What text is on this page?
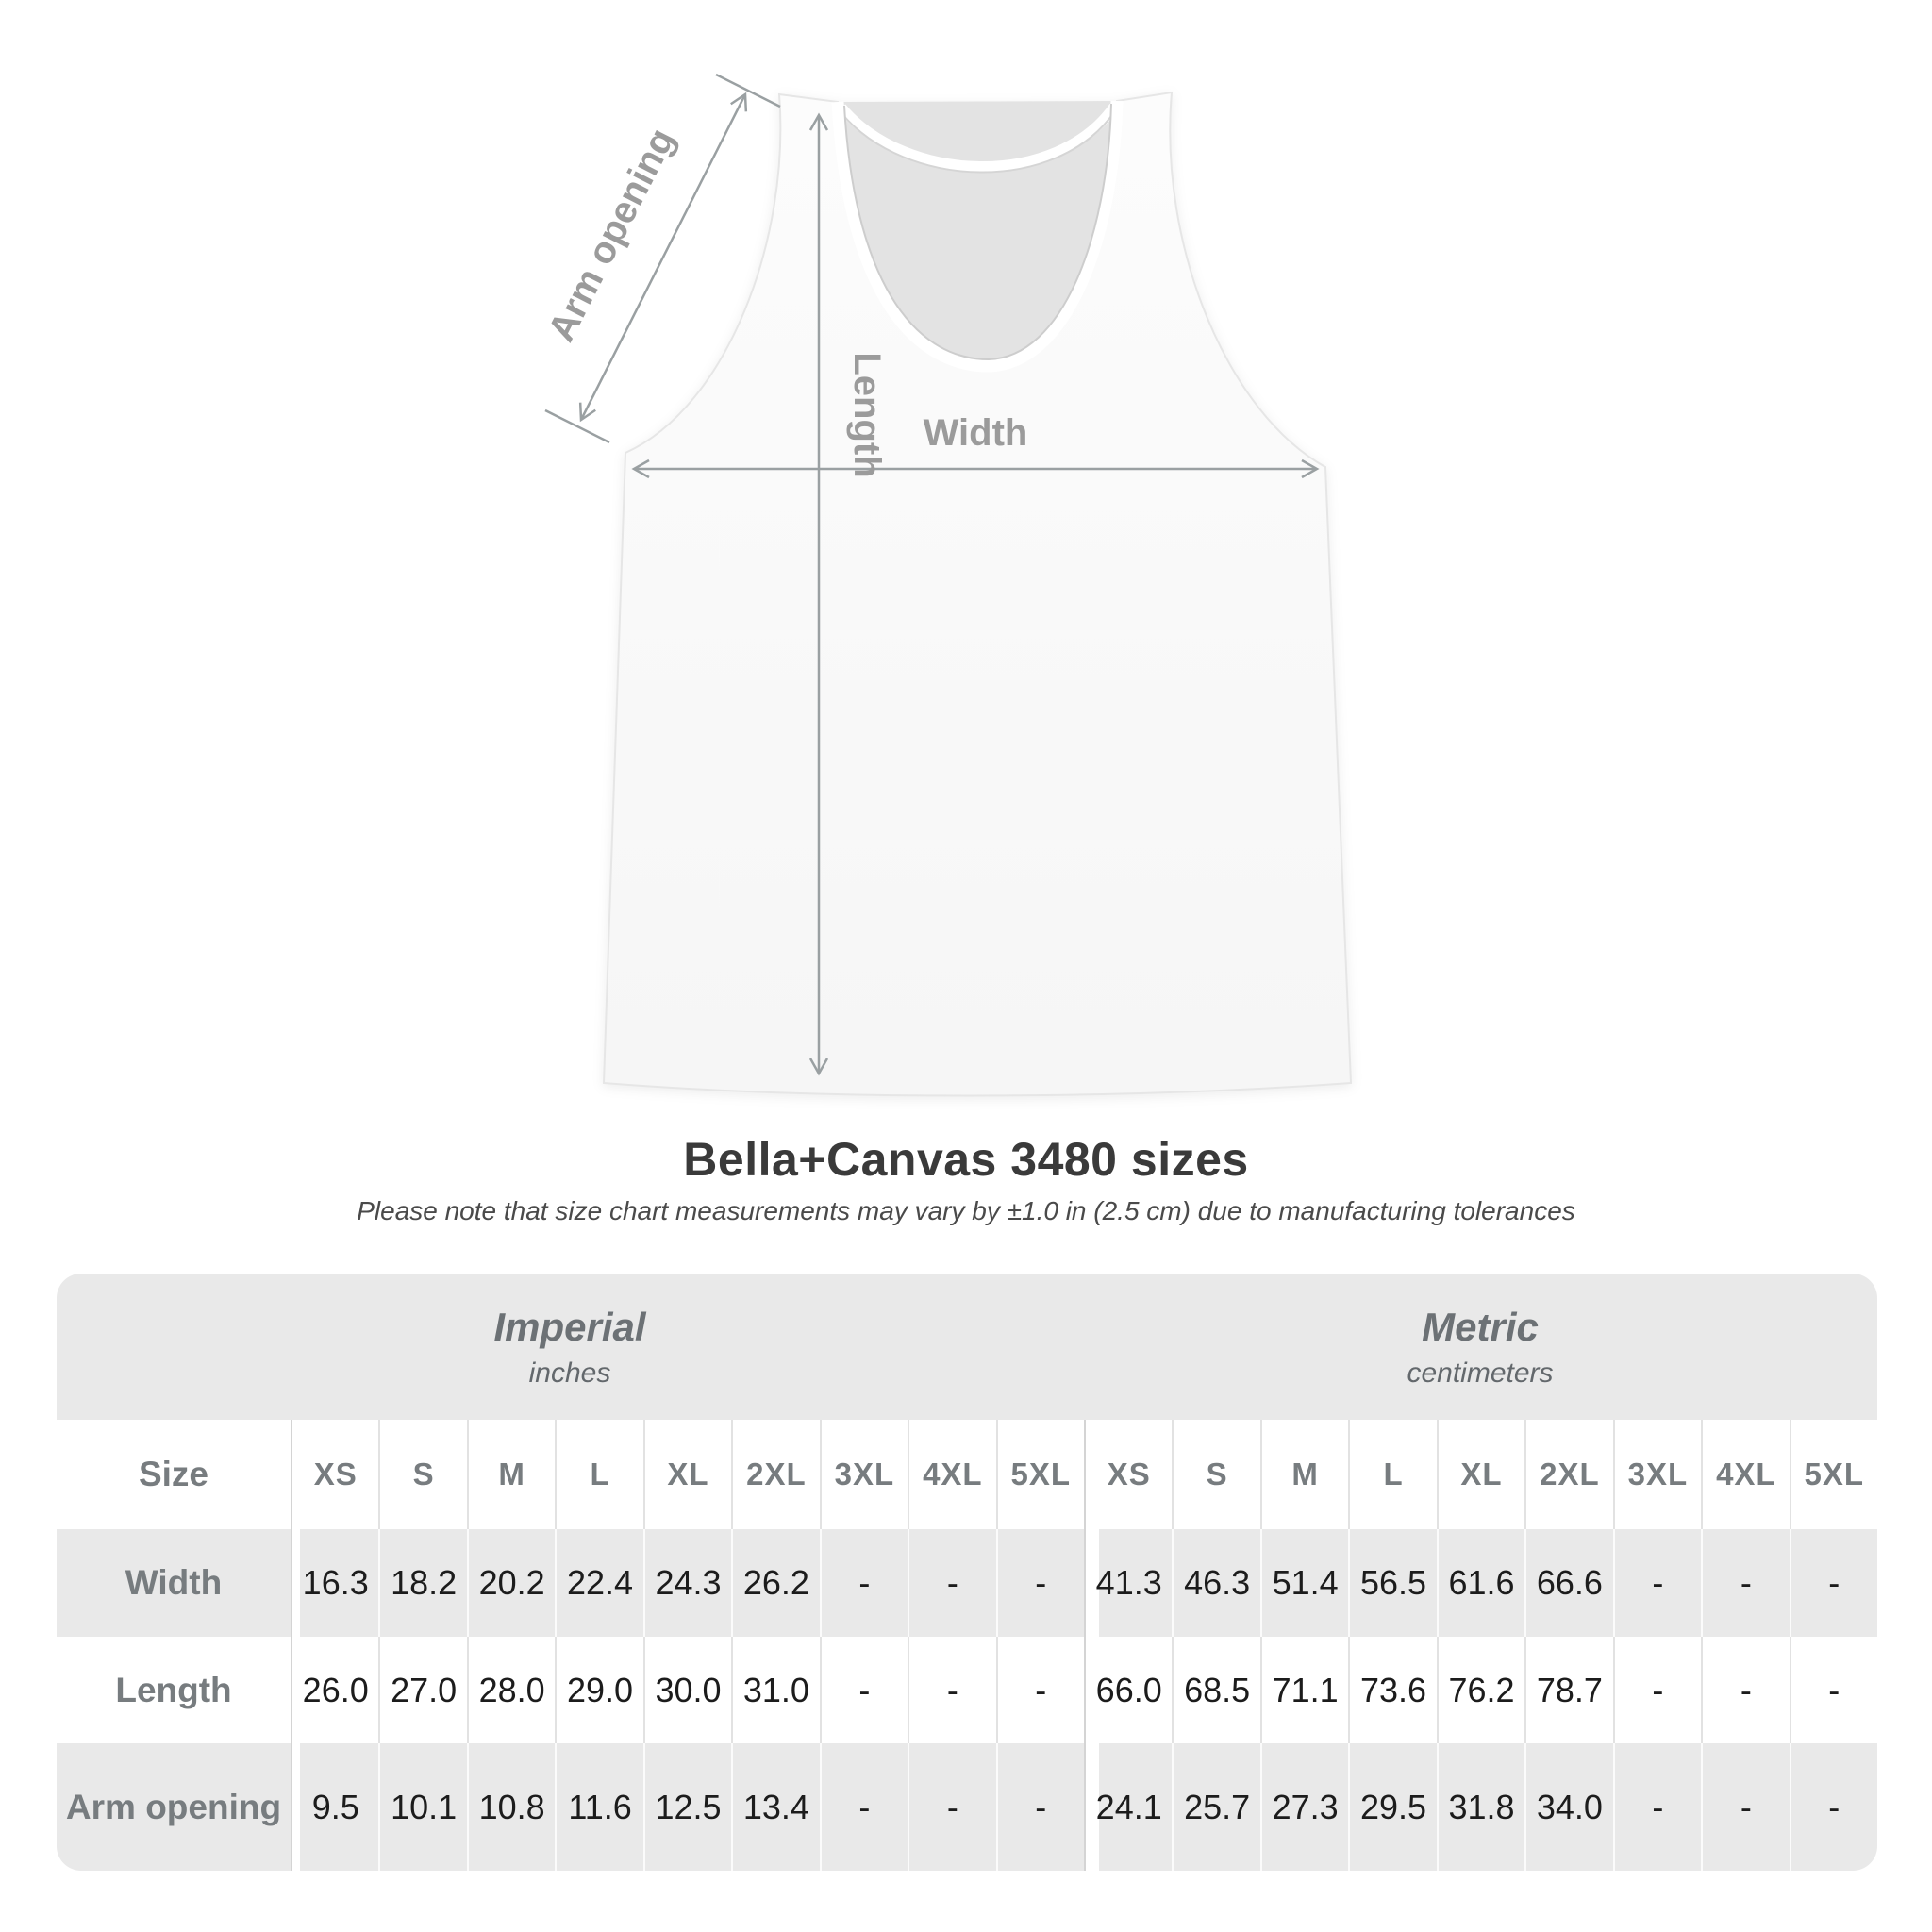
Arm opening
Length Width
Bella+Canvas 3480 sizes
Please note that size chart measurements may vary by ±1.0 in (2.5 cm) due to manufacturing tolerances
Imperial
inches
Metric
centimeters
Size	XS	S	M	L	XL	2XL 3XL 4XL 5XL	XS	S	M	L	XL	2XL 3XL 4XL 5XL
Width	16.3 18.2 20.2 22.4 24.3 26.2	-	-	-	41.3 46.3 51.4 56.5 61.6 66.6	-	-	-
Length	26.0 27.0 28.0 29.0 30.0 31.0	-	-	-	66.0 68.5 71.1 73.6 76.2 78.7	-	-	-
Arm opening 9.5 10.1 10.8 11.6 12.5 13.4	-	-	-	24.1 25.7 27.3 29.5 31.8 34.0	-	-	-
